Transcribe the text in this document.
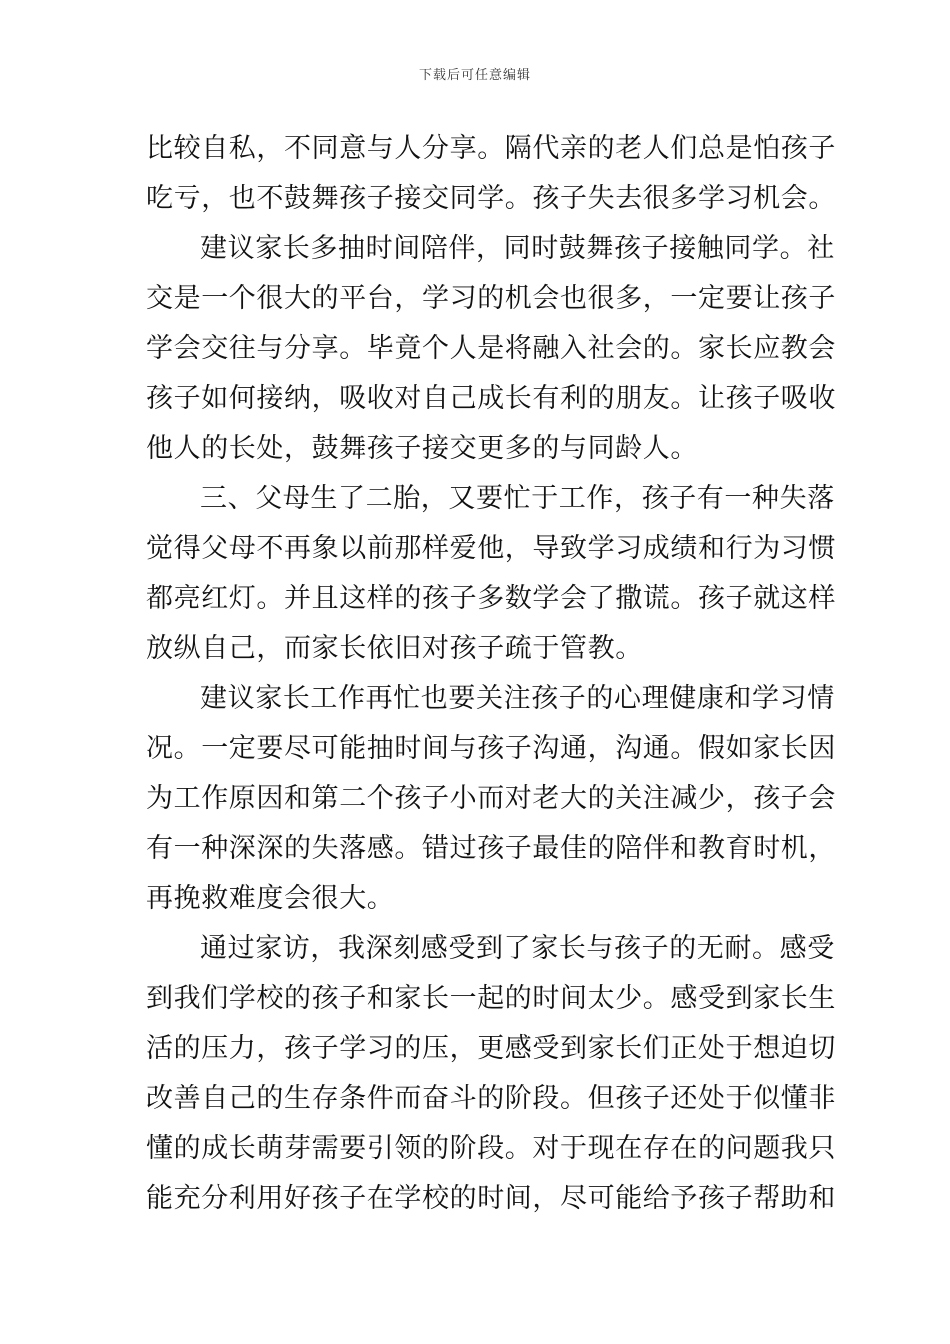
下载后可任意编辑
比较自私，不同意与人分享。隔代亲的老人们总是怕孩子
吃亏，也不鼓舞孩子接交同学。孩子失去很多学习机会。
建议家长多抽时间陪伴，同时鼓舞孩子接触同学。社
交是一个很大的平台，学习的机会也很多，一定要让孩子
学会交往与分享。毕竟个人是将融入社会的。家长应教会
孩子如何接纳，吸收对自己成长有利的朋友。让孩子吸收
他人的长处，鼓舞孩子接交更多的与同龄人。
三、父母生了二胎，又要忙于工作，孩子有一种失落
觉得父母不再象以前那样爱他，导致学习成绩和行为习惯
都亮红灯。并且这样的孩子多数学会了撒谎。孩子就这样
放纵自己，而家长依旧对孩子疏于管教。
建议家长工作再忙也要关注孩子的心理健康和学习情
况。一定要尽可能抽时间与孩子沟通，沟通。假如家长因
为工作原因和第二个孩子小而对老大的关注减少，孩子会
有一种深深的失落感。错过孩子最佳的陪伴和教育时机，
再挽救难度会很大。
通过家访，我深刻感受到了家长与孩子的无耐。感受
到我们学校的孩子和家长一起的时间太少。感受到家长生
活的压力，孩子学习的压，更感受到家长们正处于想迫切
改善自己的生存条件而奋斗的阶段。但孩子还处于似懂非
懂的成长萌芽需要引领的阶段。对于现在存在的问题我只
能充分利用好孩子在学校的时间，尽可能给予孩子帮助和
